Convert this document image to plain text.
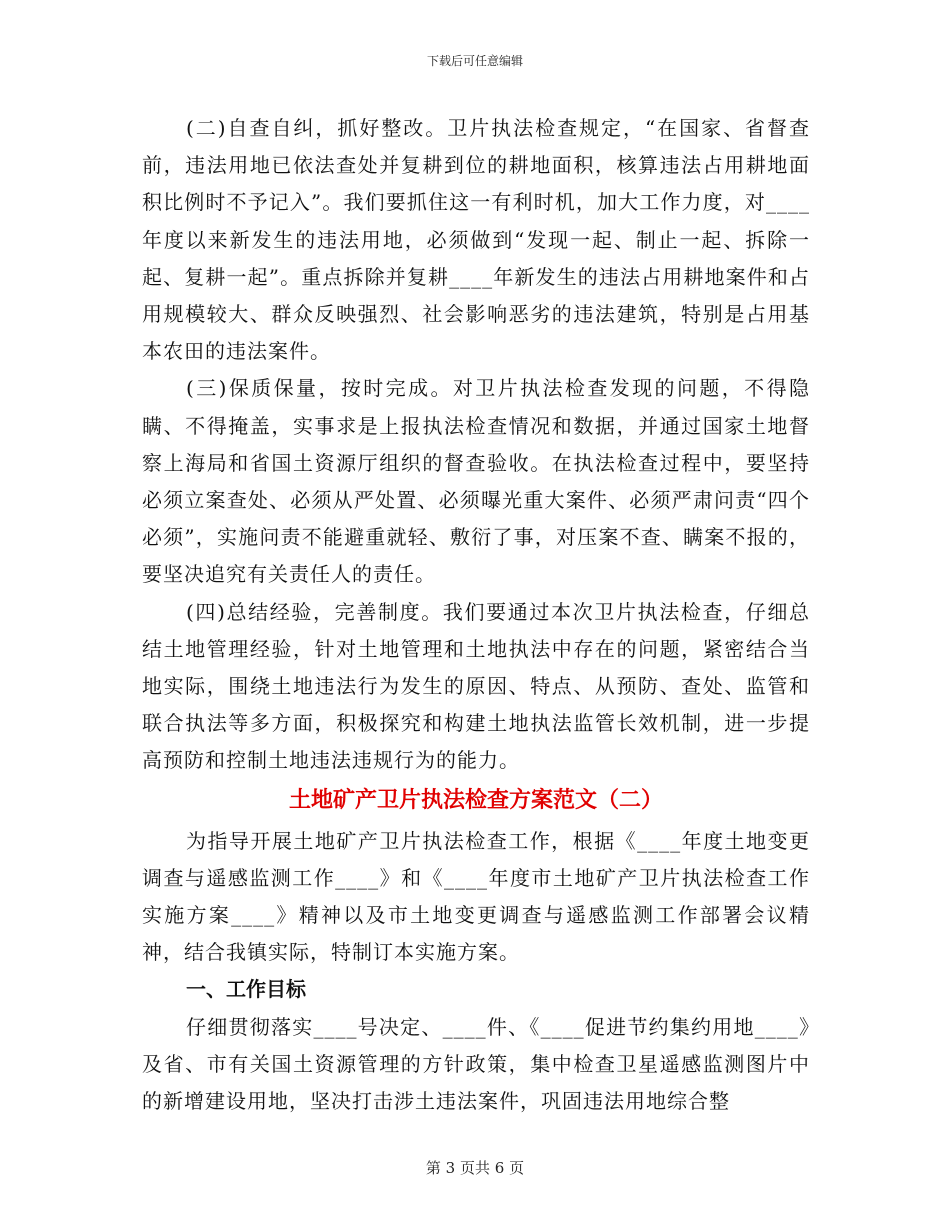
下载后可任意编辑

(二)自查自纠，抓好整改。卫片执法检查规定，“在国家、省督查前，违法用地已依法查处并复耕到位的耕地面积，核算违法占用耕地面积比例时不予记入”。我们要抓住这一有利时机，加大工作力度，对____年度以来新发生的违法用地，必须做到“发现一起、制止一起、拆除一起、复耕一起”。重点拆除并复耕____年新发生的违法占用耕地案件和占用规模较大、群众反映强烈、社会影响恶劣的违法建筑，特别是占用基本农田的违法案件。

(三)保质保量，按时完成。对卫片执法检查发现的问题，不得隐瞒、不得掩盖，实事求是上报执法检查情况和数据，并通过国家土地督察上海局和省国土资源厅组织的督查验收。在执法检查过程中，要坚持必须立案查处、必须从严处置、必须曝光重大案件、必须严肃问责“四个必须”，实施问责不能避重就轻、敷衍了事，对压案不查、瞒案不报的，要坚决追究有关责任人的责任。

(四)总结经验，完善制度。我们要通过本次卫片执法检查，仔细总结土地管理经验，针对土地管理和土地执法中存在的问题，紧密结合当地实际，围绕土地违法行为发生的原因、特点、从预防、查处、监管和联合执法等多方面，积极探究和构建土地执法监管长效机制，进一步提高预防和控制土地违法违规行为的能力。

土地矿产卫片执法检查方案范文（二）

为指导开展土地矿产卫片执法检查工作，根据《____年度土地变更调查与遥感监测工作____》和《____年度市土地矿产卫片执法检查工作实施方案____》精神以及市土地变更调查与遥感监测工作部署会议精神，结合我镇实际，特制订本实施方案。

一、工作目标

仔细贯彻落实____号决定、____件、《____促进节约集约用地____》及省、市有关国土资源管理的方针政策，集中检查卫星遥感监测图片中的新增建设用地，坚决打击涉土违法案件，巩固违法用地综合整

第 3 页共 6 页
